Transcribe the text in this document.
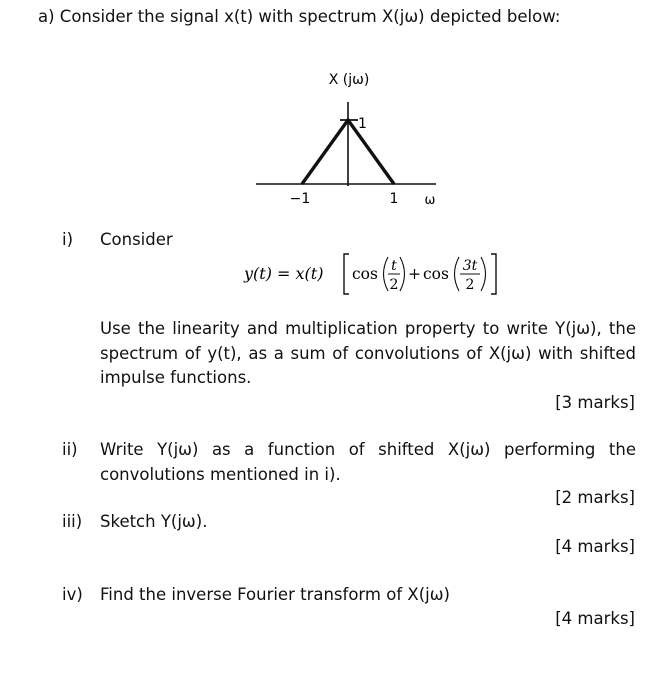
a) Consider the signal x(t) with spectrum X(jω) depicted below:
X (jω)
1
−1	1 ω
i) Consider
y(t) = x(t) cos t
2
+ cos 3t
2
Use the linearity and multiplication property to write Y(jω), the spectrum of y(t), as a sum of convolutions of X(jω) with shifted impulse functions.
[3 marks]
ii) Write Y(jω) as a function of shifted X(jω) performing the convolutions mentioned in i).
[2 marks]
iii) Sketch Y(jω).
[4 marks]
iv) Find the inverse Fourier transform of X(jω)
[4 marks]
